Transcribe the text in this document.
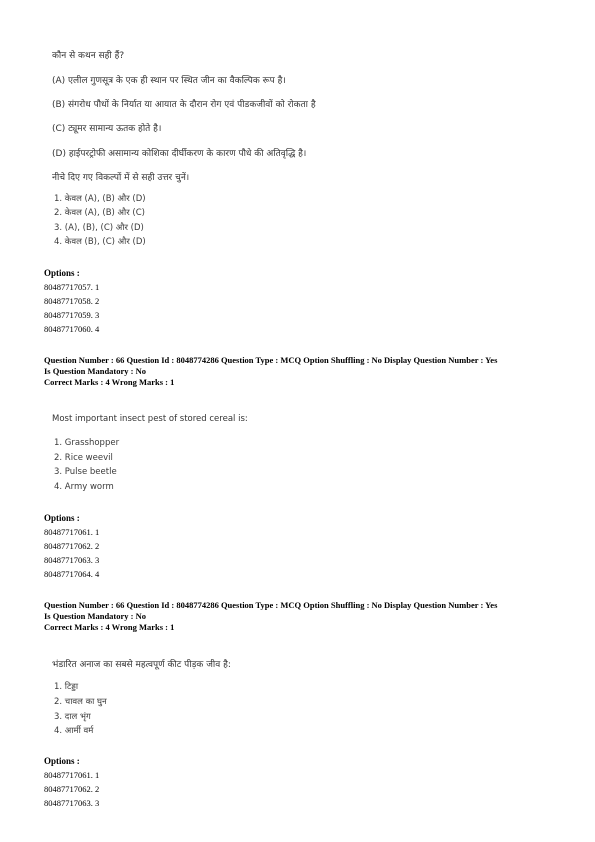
कौन से कथन सही हैं?
(A) एलील गुणसूत्र के एक ही स्थान पर स्थित जीन का वैकल्पिक रूप है।
(B) संगरोध पौधों के निर्यात या आयात के दौरान रोग एवं पीडकजीवों को रोकता है
(C) ट्यूमर सामान्य ऊतक होते है।
(D) हाईपरट्रोफी असामान्य कोशिका दीर्घीकरण के कारण पौधे की अतिवृद्धि है।
नीचे दिए गए विकल्पों में से सही उत्तर चुनें।
1. केवल (A), (B) और (D)
2. केवल (A), (B) और (C)
3. (A), (B), (C) और (D)
4. केवल (B), (C) और (D)
Options :
80487717057. 1
80487717058. 2
80487717059. 3
80487717060. 4
Question Number : 66 Question Id : 8048774286 Question Type : MCQ Option Shuffling : No Display Question Number : Yes
Is Question Mandatory : No
Correct Marks : 4 Wrong Marks : 1
Most important insect pest of stored cereal is:
1. Grasshopper
2. Rice weevil
3. Pulse beetle
4. Army worm
Options :
80487717061. 1
80487717062. 2
80487717063. 3
80487717064. 4
Question Number : 66 Question Id : 8048774286 Question Type : MCQ Option Shuffling : No Display Question Number : Yes
Is Question Mandatory : No
Correct Marks : 4 Wrong Marks : 1
भंडारित अनाज का सबसे महत्वपूर्ण कीट पीड़क जीव है:
1. टिड्डा
2. चावल का घुन
3. दाल भृंग
4. आर्मी वर्म
Options :
80487717061. 1
80487717062. 2
80487717063. 3
